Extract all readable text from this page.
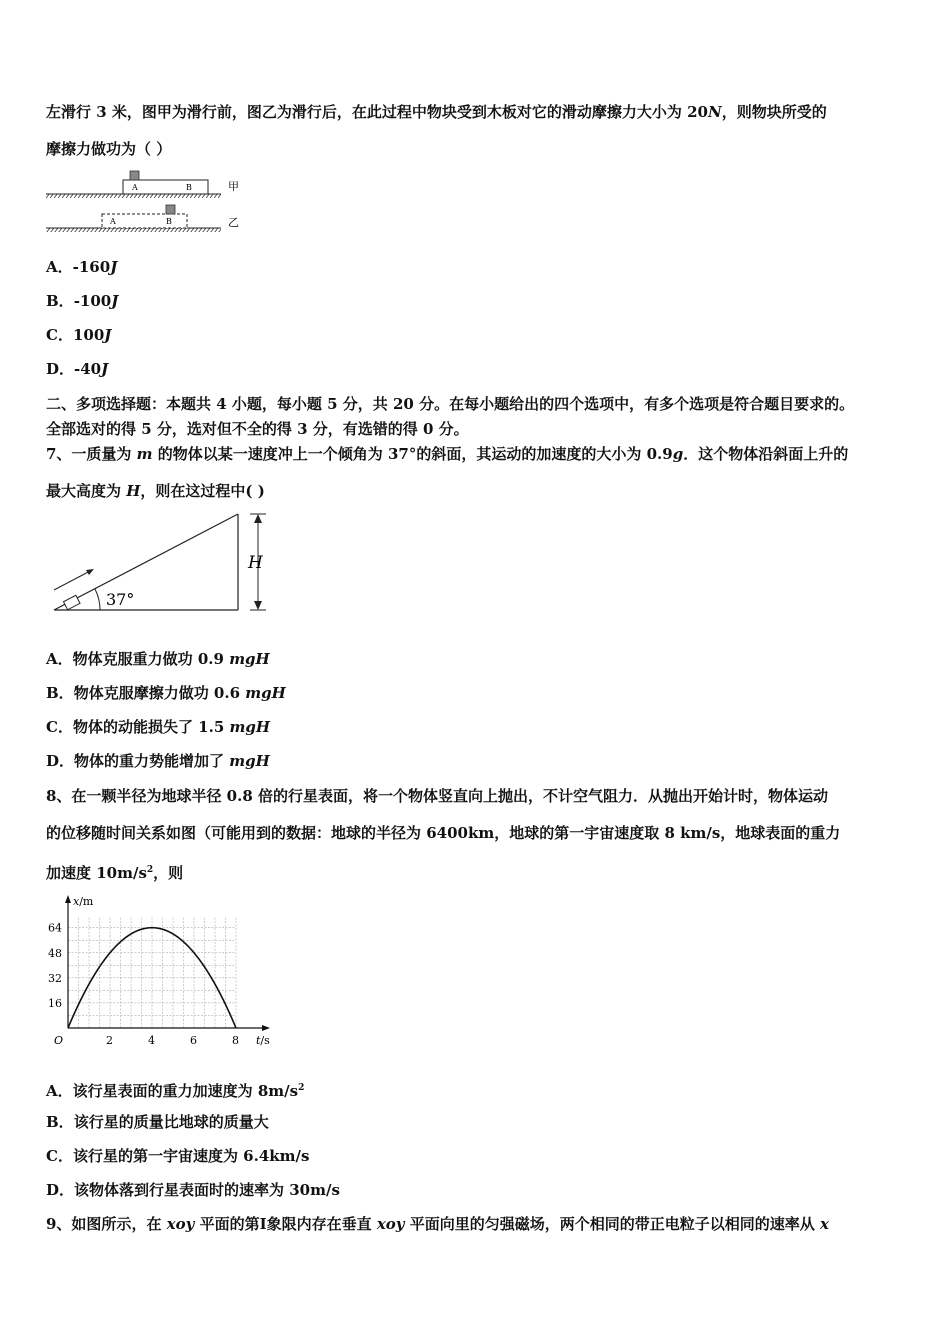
左滑行 3 米，图甲为滑行前，图乙为滑行后，在此过程中物块受到木板对它的滑动摩擦力大小为 20N，则物块所受的
摩擦力做功为（ ）
A	B	甲
A	B	乙
A．-160J
B．-100J
C．100J
D．-40J
二、多项选择题：本题共 4 小题，每小题 5 分，共 20 分。在每小题给出的四个选项中，有多个选项是符合题目要求的。
全部选对的得 5 分，选对但不全的得 3 分，有选错的得 0 分。
7、一质量为 m 的物体以某一速度冲上一个倾角为 37°的斜面，其运动的加速度的大小为 0.9g．这个物体沿斜面上升的
最大高度为 H，则在这过程中( )
37°
H
A．物体克服重力做功 0.9 mgH
B．物体克服摩擦力做功 0.6 mgH
C．物体的动能损失了 1.5 mgH
D．物体的重力势能增加了 mgH
8、在一颗半径为地球半径 0.8 倍的行星表面，将一个物体竖直向上抛出，不计空气阻力．从抛出开始计时，物体运动
的位移随时间关系如图（可能用到的数据：地球的半径为 6400km，地球的第一宇宙速度取 8 km/s，地球表面的重力
加速度 $10m/s^2$，则
2	4	6	8
16
32
48
64
O	t/s
x/m
A．该行星表面的重力加速度为 $8m/s^2$
B．该行星的质量比地球的质量大
C．该行星的第一宇宙速度为 6.4km/s
D．该物体落到行星表面时的速率为 30m/s
9、如图所示，在 xoy 平面的第Ⅰ象限内存在垂直 xoy 平面向里的匀强磁场，两个相同的带正电粒子以相同的速率从 x
